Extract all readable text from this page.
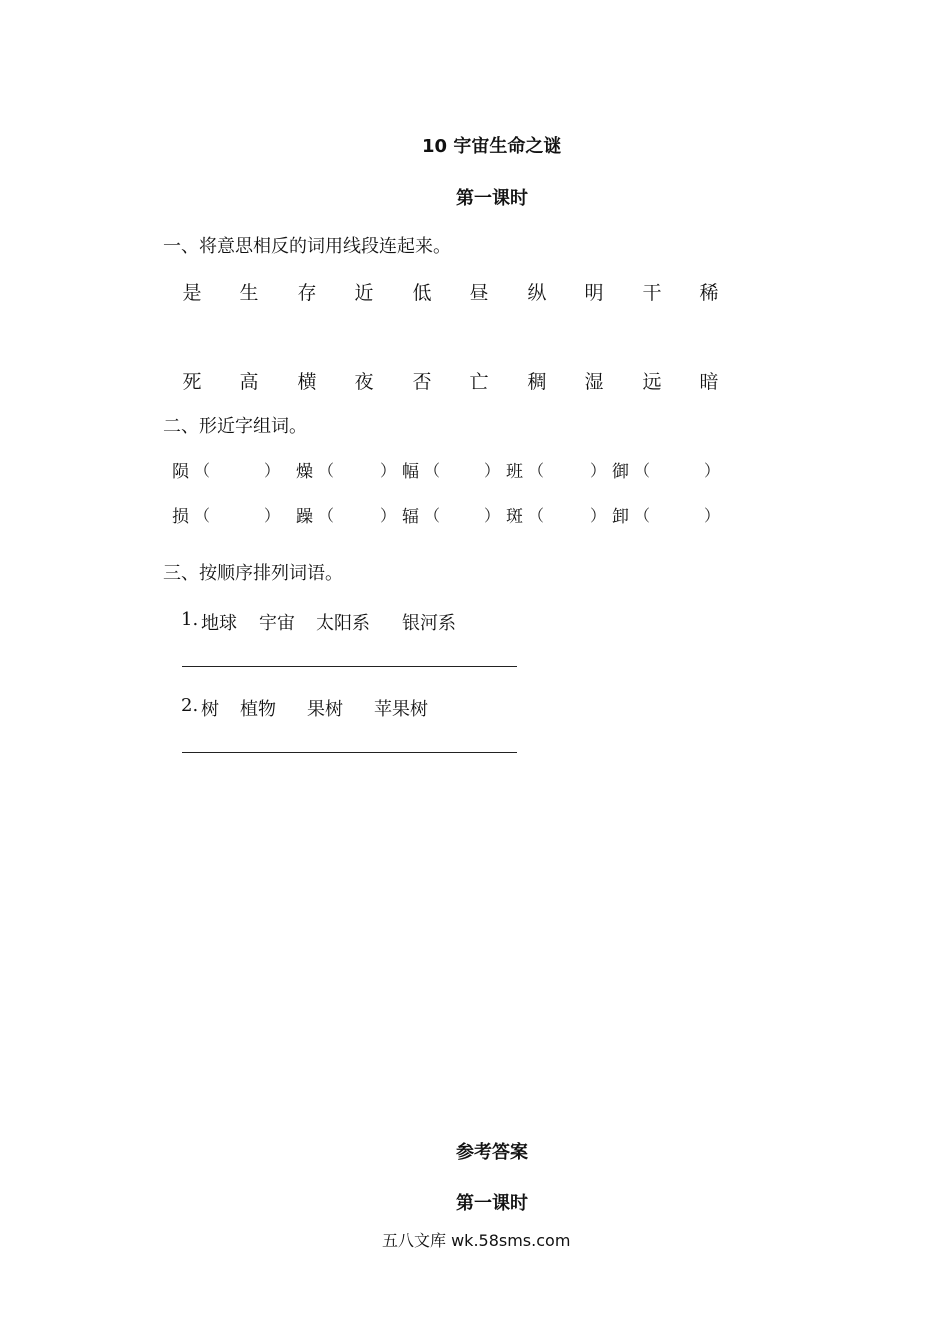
10 宇宙生命之谜
第一课时
一、将意思相反的词用线段连起来。
是 生 存 近 低 昼 纵 明 干 稀
死 高 横 夜 否 亡 稠 湿 远 暗
二、形近字组词。
陨 （	） 燥 （	） 幅 （	） 班 （	） 御 （	）
损 （	） 躁 （	） 辐 （	） 斑 （	） 卸 （	）
三、按顺序排列词语。
1. 地球 宇宙 太阳系 银河系
2. 树 植物 果树 苹果树
参考答案
第一课时
五八文库 wk.58sms.com
